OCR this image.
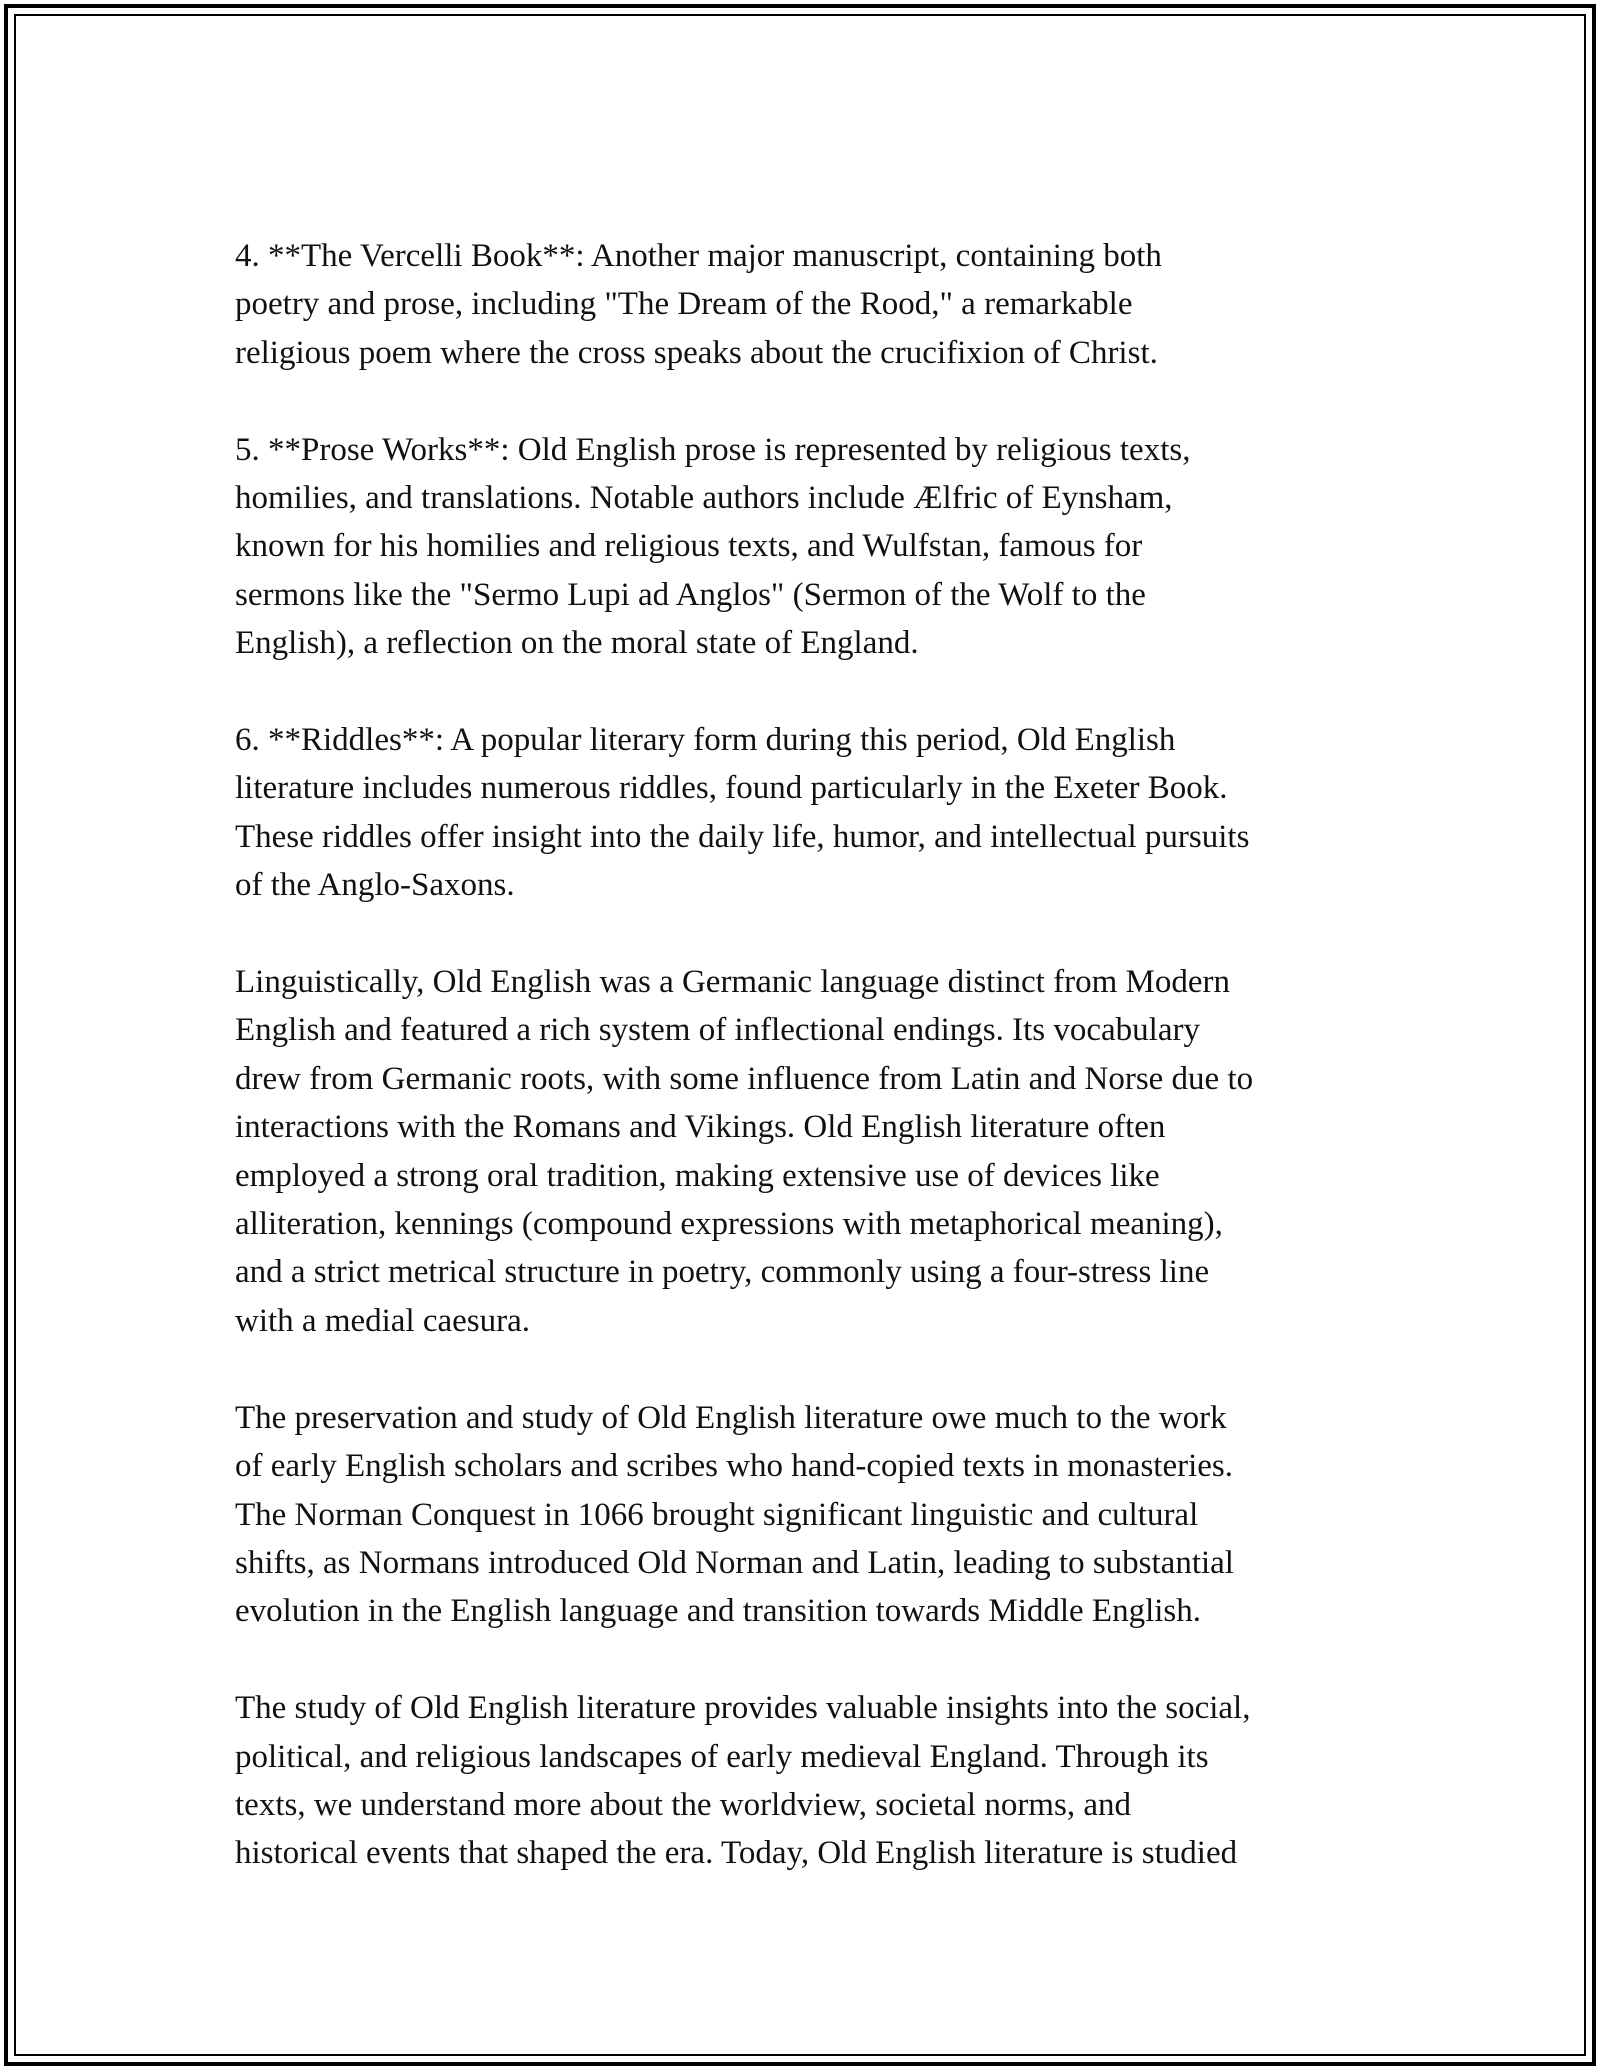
4. **The Vercelli Book**: Another major manuscript, containing both
poetry and prose, including "The Dream of the Rood," a remarkable
religious poem where the cross speaks about the crucifixion of Christ.

5. **Prose Works**: Old English prose is represented by religious texts,
homilies, and translations. Notable authors include Ælfric of Eynsham,
known for his homilies and religious texts, and Wulfstan, famous for
sermons like the "Sermo Lupi ad Anglos" (Sermon of the Wolf to the
English), a reflection on the moral state of England.

6. **Riddles**: A popular literary form during this period, Old English
literature includes numerous riddles, found particularly in the Exeter Book.
These riddles offer insight into the daily life, humor, and intellectual pursuits
of the Anglo-Saxons.

Linguistically, Old English was a Germanic language distinct from Modern
English and featured a rich system of inflectional endings. Its vocabulary
drew from Germanic roots, with some influence from Latin and Norse due to
interactions with the Romans and Vikings. Old English literature often
employed a strong oral tradition, making extensive use of devices like
alliteration, kennings (compound expressions with metaphorical meaning),
and a strict metrical structure in poetry, commonly using a four-stress line
with a medial caesura.

The preservation and study of Old English literature owe much to the work
of early English scholars and scribes who hand-copied texts in monasteries.
The Norman Conquest in 1066 brought significant linguistic and cultural
shifts, as Normans introduced Old Norman and Latin, leading to substantial
evolution in the English language and transition towards Middle English.

The study of Old English literature provides valuable insights into the social,
political, and religious landscapes of early medieval England. Through its
texts, we understand more about the worldview, societal norms, and
historical events that shaped the era. Today, Old English literature is studied
